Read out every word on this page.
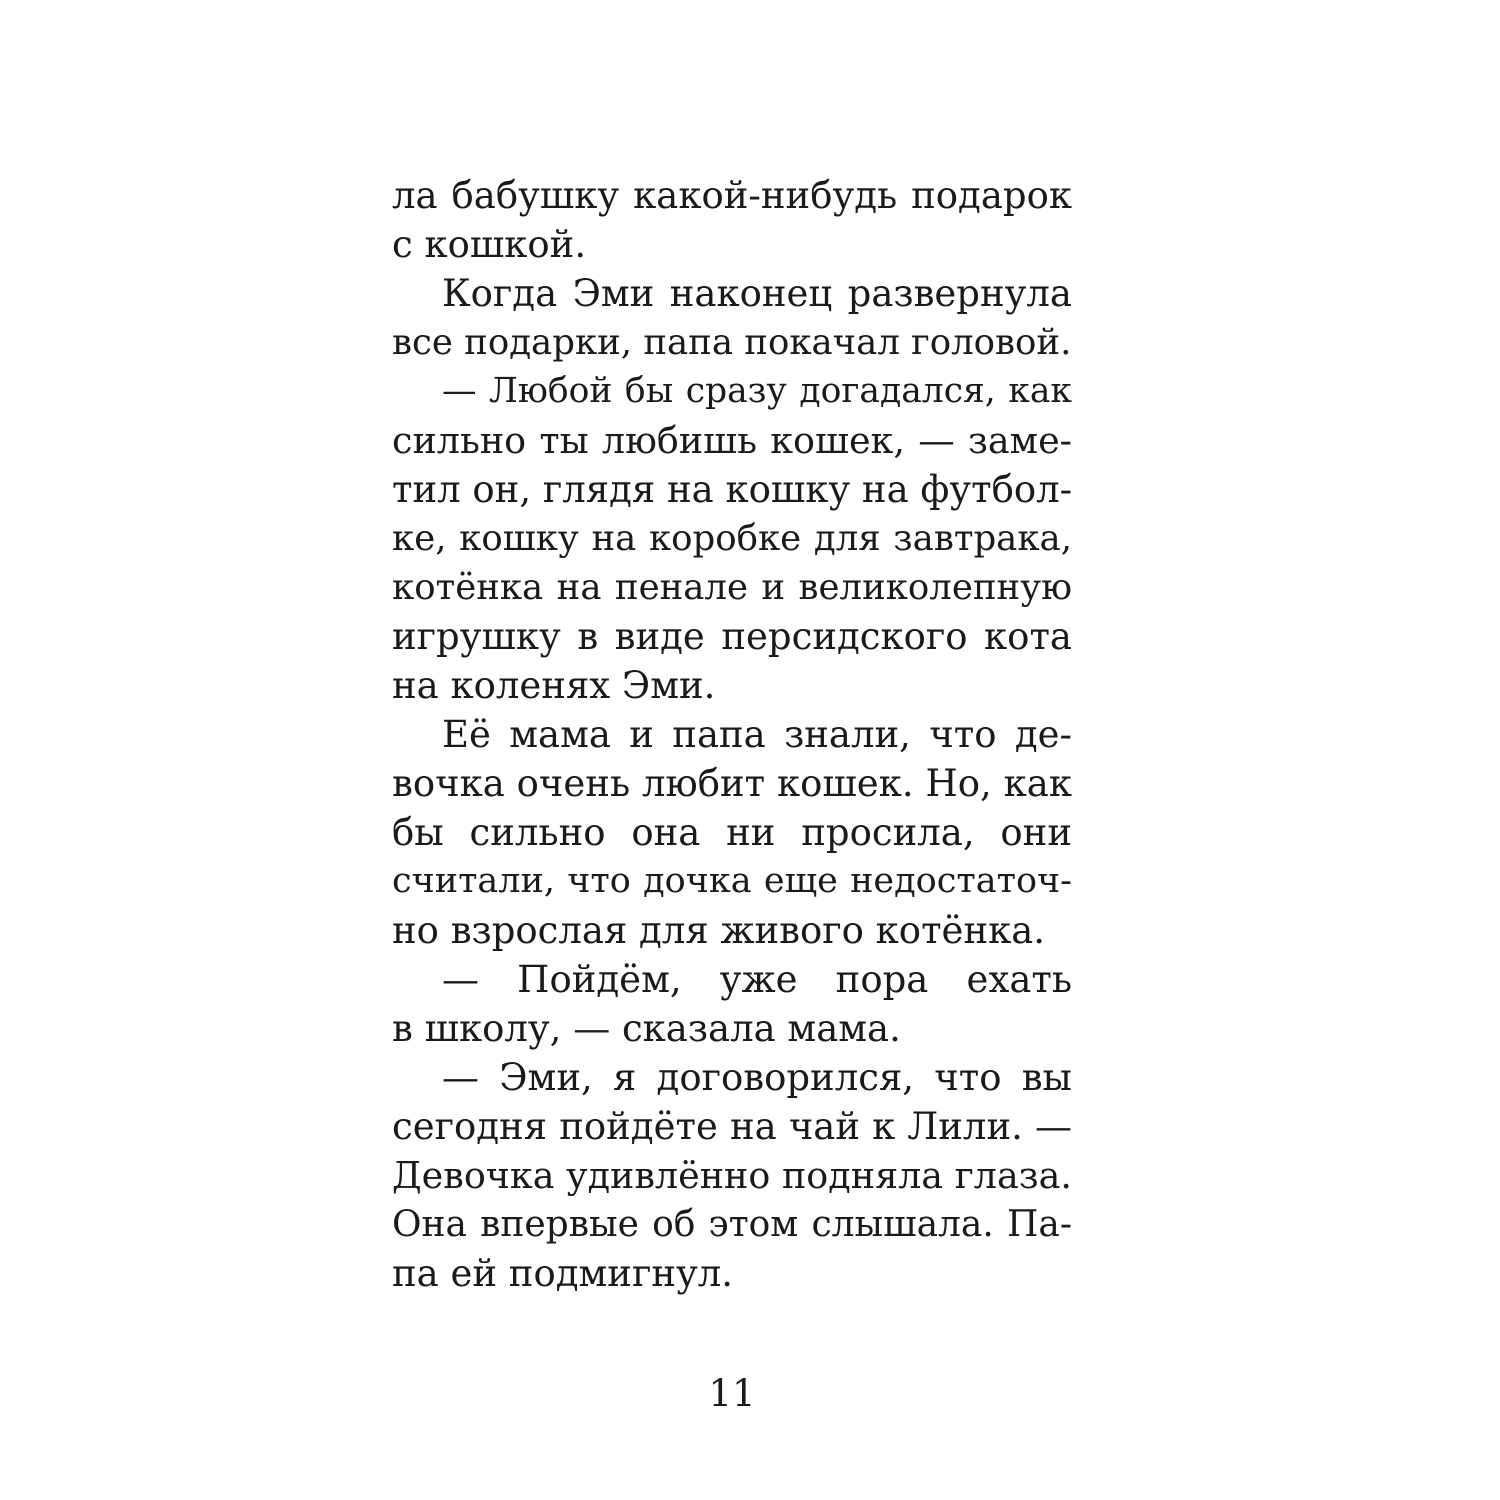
ла бабушку какой-нибудь подарок
с кошкой.
Когда Эми наконец развернула
все подарки, папа покачал головой.
— Любой бы сразу догадался, как
сильно ты любишь кошек, — заме-
тил он, глядя на кошку на футбол-
ке, кошку на коробке для завтрака,
котёнка на пенале и великолепную
игрушку в виде персидского кота
на коленях Эми.
Её мама и папа знали, что де-
вочка очень любит кошек. Но, как
бы сильно она ни просила, они
считали, что дочка еще недостаточ-
но взрослая для живого котёнка.
— Пойдём, уже пора ехать
в школу, — сказала мама.
— Эми, я договорился, что вы
сегодня пойдёте на чай к Лили. —
Девочка удивлённо подняла глаза.
Она впервые об этом слышала. Па-
па ей подмигнул.
11
